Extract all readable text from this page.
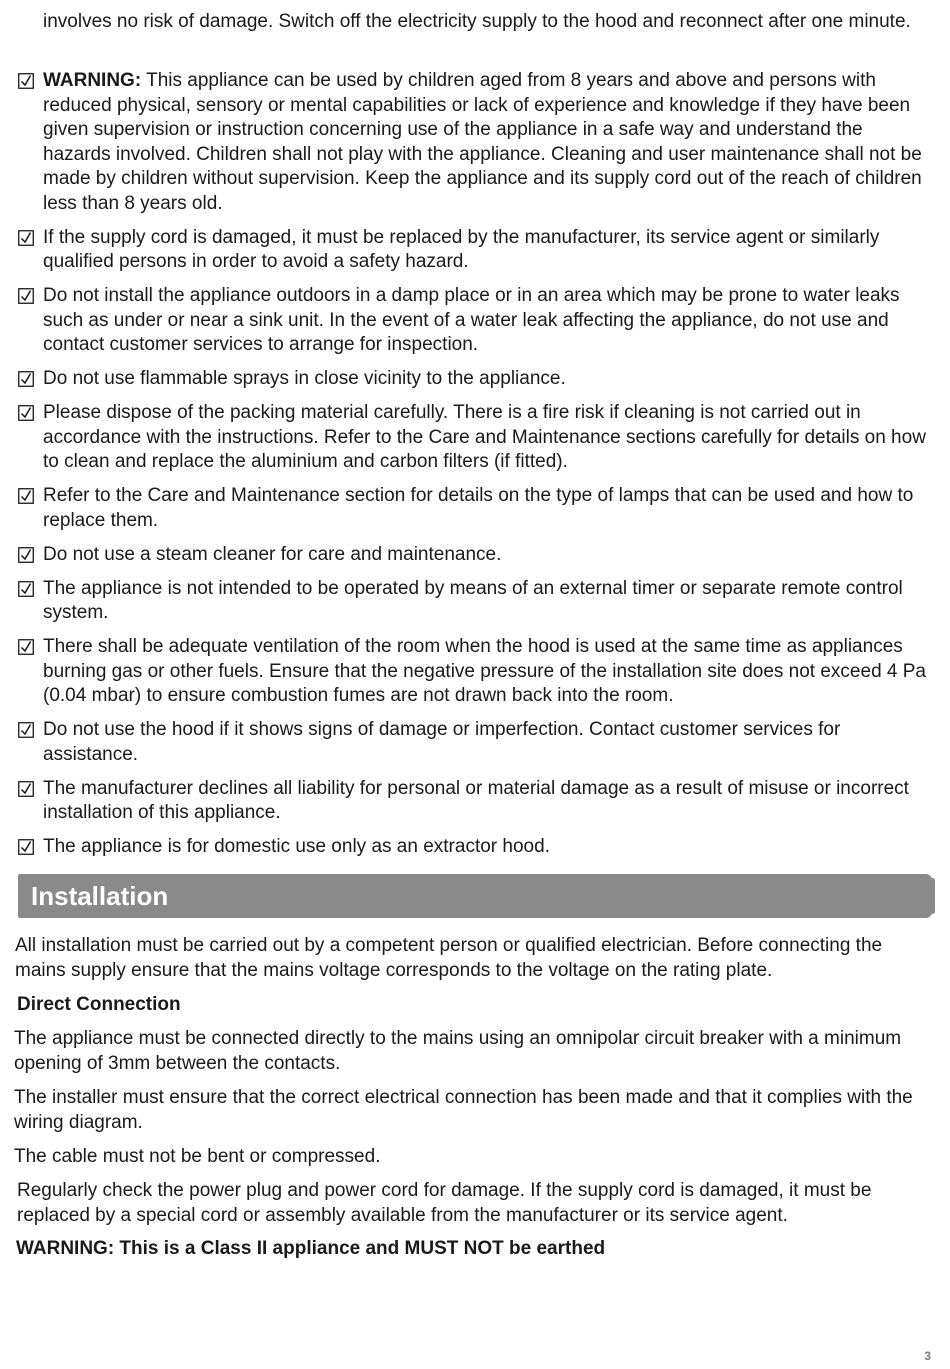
involves no risk of damage. Switch off the electricity supply to the hood and reconnect after one minute.
WARNING: This appliance can be used by children aged from 8 years and above and persons with reduced physical, sensory or mental capabilities or lack of experience and knowledge if they have been given supervision or instruction concerning use of the appliance in a safe way and understand the hazards involved. Children shall not play with the appliance. Cleaning and user maintenance shall not be made by children without supervision. Keep the appliance and its supply cord out of the reach of children less than 8 years old.
If the supply cord is damaged, it must be replaced by the manufacturer, its service agent or similarly qualified persons in order to avoid a safety hazard.
Do not install the appliance outdoors in a damp place or in an area which may be prone to water leaks such as under or near a sink unit. In the event of a water leak affecting the appliance, do not use and contact customer services to arrange for inspection.
Do not use flammable sprays in close vicinity to the appliance.
Please dispose of the packing material carefully. There is a fire risk if cleaning is not carried out in accordance with the instructions. Refer to the Care and Maintenance sections carefully for details on how to clean and replace the aluminium and carbon filters (if fitted).
Refer to the Care and Maintenance section for details on the type of lamps that can be used and how to replace them.
Do not use a steam cleaner for care and maintenance.
The appliance is not intended to be operated by means of an external timer or separate remote control system.
There shall be adequate ventilation of the room when the hood is used at the same time as appliances burning gas or other fuels. Ensure that the negative pressure of the installation site does not exceed 4 Pa (0.04 mbar) to ensure combustion fumes are not drawn back into the room.
Do not use the hood if it shows signs of damage or imperfection. Contact customer services for assistance.
The manufacturer declines all liability for personal or material damage as a result of misuse or incorrect installation of this appliance.
The appliance is for domestic use only as an extractor hood.
Installation
All installation must be carried out by a competent person or qualified electrician. Before connecting the mains supply ensure that the mains voltage corresponds to the voltage on the rating plate.
Direct Connection
The appliance must be connected directly to the mains using an omnipolar circuit breaker with a minimum opening of 3mm between the contacts.
The installer must ensure that the correct electrical connection has been made and that it complies with the wiring diagram.
The cable must not be bent or compressed.
Regularly check the power plug and power cord for damage. If the supply cord is damaged, it must be replaced by a special cord or assembly available from the manufacturer or its service agent.
WARNING: This is a Class II appliance and MUST NOT be earthed
3
